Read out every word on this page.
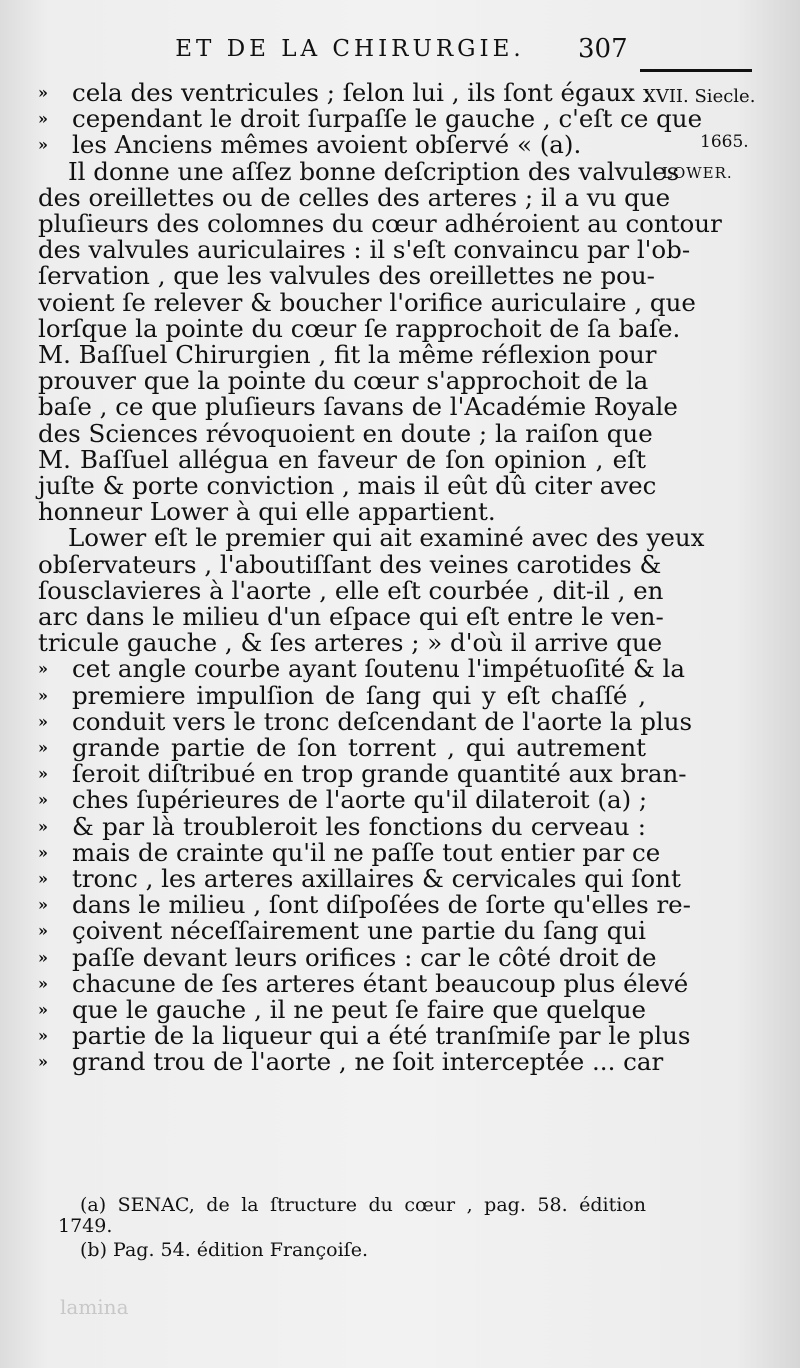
ET DE LA CHIRURGIE.	307
XVII. Siecle.
1665.
LOWER.
» cela des ventricules ; ſelon lui , ils ſont égaux :
» cependant le droit ſurpaſſe le gauche , c'eſt ce que
» les Anciens mêmes avoient obſervé « (a).
Il donne une aſſez bonne deſcription des valvules
des oreillettes ou de celles des arteres ; il a vu que
pluſieurs des colomnes du cœur adhéroient au contour
des valvules auriculaires : il s'eſt convaincu par l'ob-
ſervation , que les valvules des oreillettes ne pou-
voient ſe relever & boucher l'orifice auriculaire , que
lorſque la pointe du cœur ſe rapprochoit de ſa baſe.
M. Baſſuel Chirurgien , fit la même réflexion pour
prouver que la pointe du cœur s'approchoit de la
baſe , ce que pluſieurs ſavans de l'Académie Royale
des Sciences révoquoient en doute ; la raiſon que
M. Baſſuel allégua en faveur de ſon opinion , eſt
juſte & porte conviction , mais il eût dû citer avec
honneur Lower à qui elle appartient.
Lower eſt le premier qui ait examiné avec des yeux
obſervateurs , l'aboutiſſant des veines carotides &
ſousclavieres à l'aorte , elle eſt courbée , dit-il , en
arc dans le milieu d'un eſpace qui eſt entre le ven-
tricule gauche , & ſes arteres ; » d'où il arrive que
» cet angle courbe ayant ſoutenu l'impétuoſité & la
» premiere impulſion de ſang qui y eſt chaſſé ,
» conduit vers le tronc deſcendant de l'aorte la plus
» grande partie de ſon torrent , qui autrement
» ſeroit diſtribué en trop grande quantité aux bran-
» ches ſupérieures de l'aorte qu'il dilateroit (a) ;
» & par là troubleroit les fonctions du cerveau :
» mais de crainte qu'il ne paſſe tout entier par ce
» tronc , les arteres axillaires & cervicales qui ſont
» dans le milieu , ſont diſpoſées de ſorte qu'elles re-
» çoivent néceſſairement une partie du ſang qui
» paſſe devant leurs orifices : car le côté droit de
» chacune de ſes arteres étant beaucoup plus élevé
» que le gauche , il ne peut ſe faire que quelque
» partie de la liqueur qui a été tranſmiſe par le plus
» grand trou de l'aorte , ne ſoit interceptée ... car
(a) SENAC, de la ſtructure du cœur , pag. 58. édition
1749.
(b) Pag. 54. édition Françoiſe.
lamina
